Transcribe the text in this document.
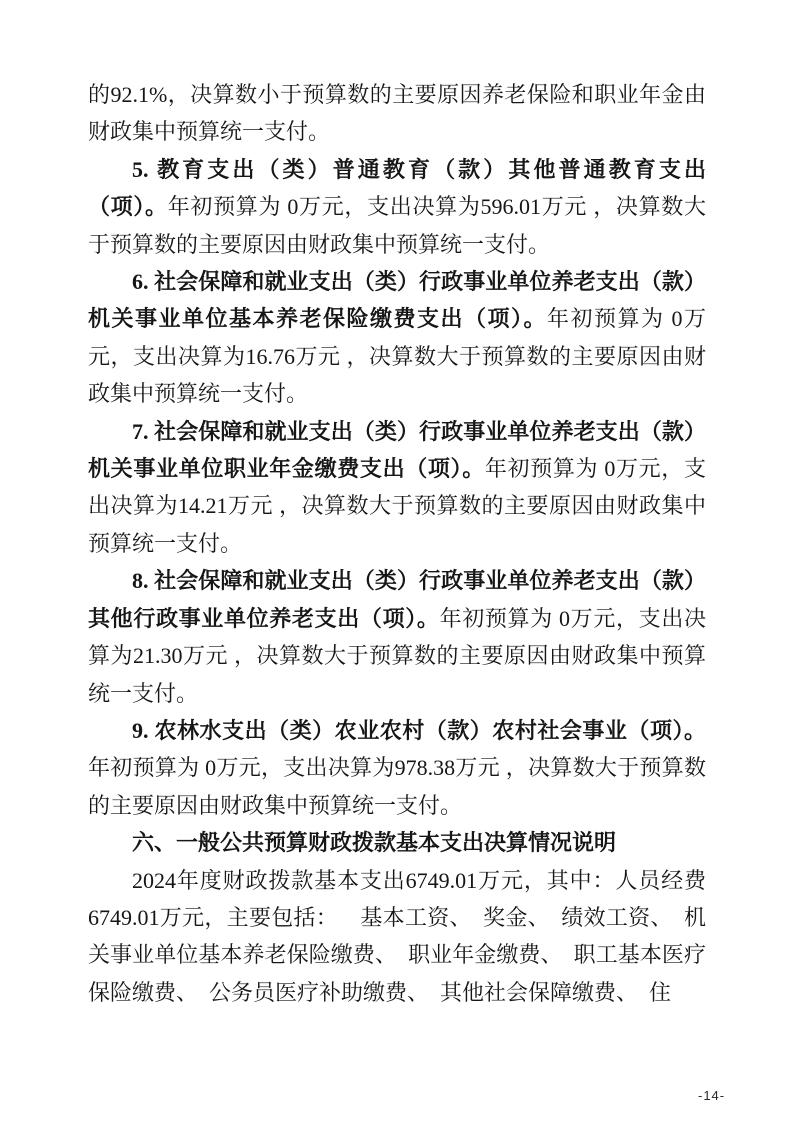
的92.1%，决算数小于预算数的主要原因养老保险和职业年金由财政集中预算统一支付。

5. 教育支出（类）普通教育（款）其他普通教育支出（项）。年初预算为 0万元，支出决算为596.01万元 ，决算数大于预算数的主要原因由财政集中预算统一支付。

6. 社会保障和就业支出（类）行政事业单位养老支出（款）机关事业单位基本养老保险缴费支出（项）。年初预算为 0万元，支出决算为16.76万元 ，决算数大于预算数的主要原因由财政集中预算统一支付。

7. 社会保障和就业支出（类）行政事业单位养老支出（款）机关事业单位职业年金缴费支出（项）。年初预算为 0万元，支出决算为14.21万元 ，决算数大于预算数的主要原因由财政集中预算统一支付。

8. 社会保障和就业支出（类）行政事业单位养老支出（款）其他行政事业单位养老支出（项）。年初预算为 0万元，支出决算为21.30万元 ，决算数大于预算数的主要原因由财政集中预算统一支付。

9. 农林水支出（类）农业农村（款）农村社会事业（项）。年初预算为 0万元，支出决算为978.38万元 ，决算数大于预算数的主要原因由财政集中预算统一支付。

六、一般公共预算财政拨款基本支出决算情况说明

2024年度财政拨款基本支出6749.01万元，其中：人员经费6749.01万元，主要包括：  基本工资、 奖金、 绩效工资、 机关事业单位基本养老保险缴费、 职业年金缴费、 职工基本医疗保险缴费、 公务员医疗补助缴费、 其他社会保障缴费、 住

-14-
